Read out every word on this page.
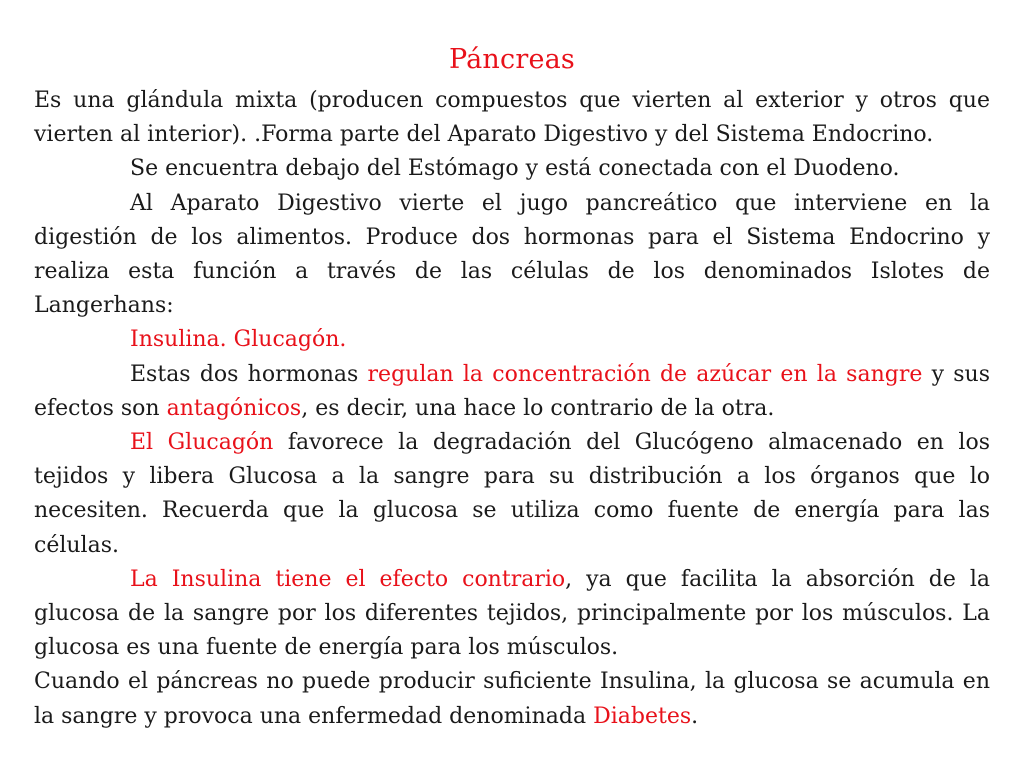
Páncreas

Es una glándula mixta (producen compuestos que vierten al exterior y otros que vierten al interior). .Forma parte del Aparato Digestivo y del Sistema Endocrino.

Se encuentra debajo del Estómago y está conectada con el Duodeno.

Al Aparato Digestivo vierte el jugo pancreático que interviene en la digestión de los alimentos. Produce dos hormonas para el Sistema Endocrino y realiza esta función a través de las células de los denominados Islotes de Langerhans:

Insulina. Glucagón.

Estas dos hormonas regulan la concentración de azúcar en la sangre y sus efectos son antagónicos, es decir, una hace lo contrario de la otra.

El Glucagón favorece la degradación del Glucógeno almacenado en los tejidos y libera Glucosa a la sangre para su distribución a los órganos que lo necesiten. Recuerda que la glucosa se utiliza como fuente de energía para las células.

La Insulina tiene el efecto contrario, ya que facilita la absorción de la glucosa de la sangre por los diferentes tejidos, principalmente por los músculos. La glucosa es una fuente de energía para los músculos.

Cuando el páncreas no puede producir suficiente Insulina, la glucosa se acumula en la sangre y provoca una enfermedad denominada Diabetes.
